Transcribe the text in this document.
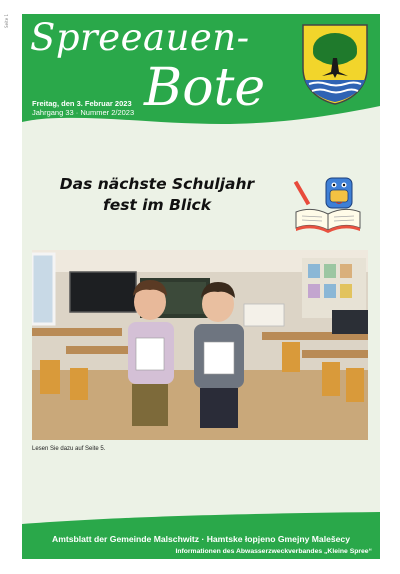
Seite 1 Spreeauen-
Bote
Freitag, den 3. Februar 2023
Jahrgang 33 · Nummer 2/2023
Das nächste Schuljahr
fest im Blick
Lesen Sie dazu auf Seite 5.
Amtsblatt der Gemeinde Malschwitz · Hamtske łopjeno Gmejny Malešecy
Informationen des Abwasserzweckverbandes „Kleine Spree“
